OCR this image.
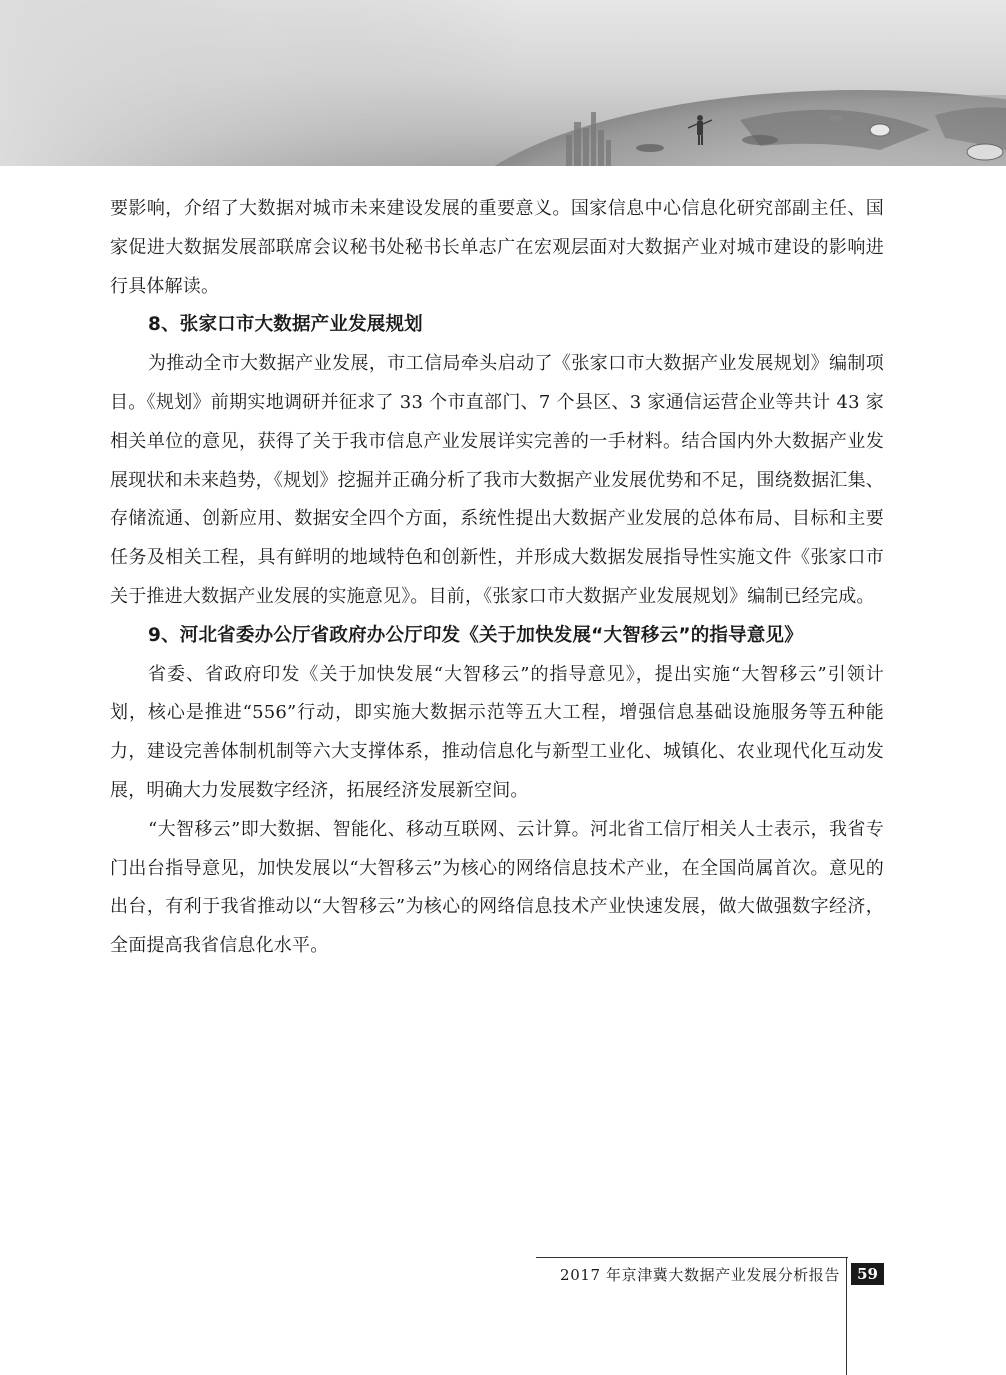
要影响，介绍了大数据对城市未来建设发展的重要意义。国家信息中心信息化研究部副主任、国家促进大数据发展部联席会议秘书处秘书长单志广在宏观层面对大数据产业对城市建设的影响进行具体解读。

8、张家口市大数据产业发展规划

为推动全市大数据产业发展，市工信局牵头启动了《张家口市大数据产业发展规划》编制项目。《规划》前期实地调研并征求了 33 个市直部门、7 个县区、3 家通信运营企业等共计 43 家相关单位的意见，获得了关于我市信息产业发展详实完善的一手材料。结合国内外大数据产业发展现状和未来趋势，《规划》挖掘并正确分析了我市大数据产业发展优势和不足，围绕数据汇集、存储流通、创新应用、数据安全四个方面，系统性提出大数据产业发展的总体布局、目标和主要任务及相关工程，具有鲜明的地域特色和创新性，并形成大数据发展指导性实施文件《张家口市关于推进大数据产业发展的实施意见》。目前，《张家口市大数据产业发展规划》编制已经完成。

9、河北省委办公厅省政府办公厅印发《关于加快发展“大智移云”的指导意见》

省委、省政府印发《关于加快发展“大智移云”的指导意见》，提出实施“大智移云”引领计划，核心是推进“556”行动，即实施大数据示范等五大工程，增强信息基础设施服务等五种能力，建设完善体制机制等六大支撑体系，推动信息化与新型工业化、城镇化、农业现代化互动发展，明确大力发展数字经济，拓展经济发展新空间。

“大智移云”即大数据、智能化、移动互联网、云计算。河北省工信厅相关人士表示，我省专门出台指导意见，加快发展以“大智移云”为核心的网络信息技术产业，在全国尚属首次。意见的出台，有利于我省推动以“大智移云”为核心的网络信息技术产业快速发展，做大做强数字经济，全面提高我省信息化水平。

2017 年京津冀大数据产业发展分析报告	59
